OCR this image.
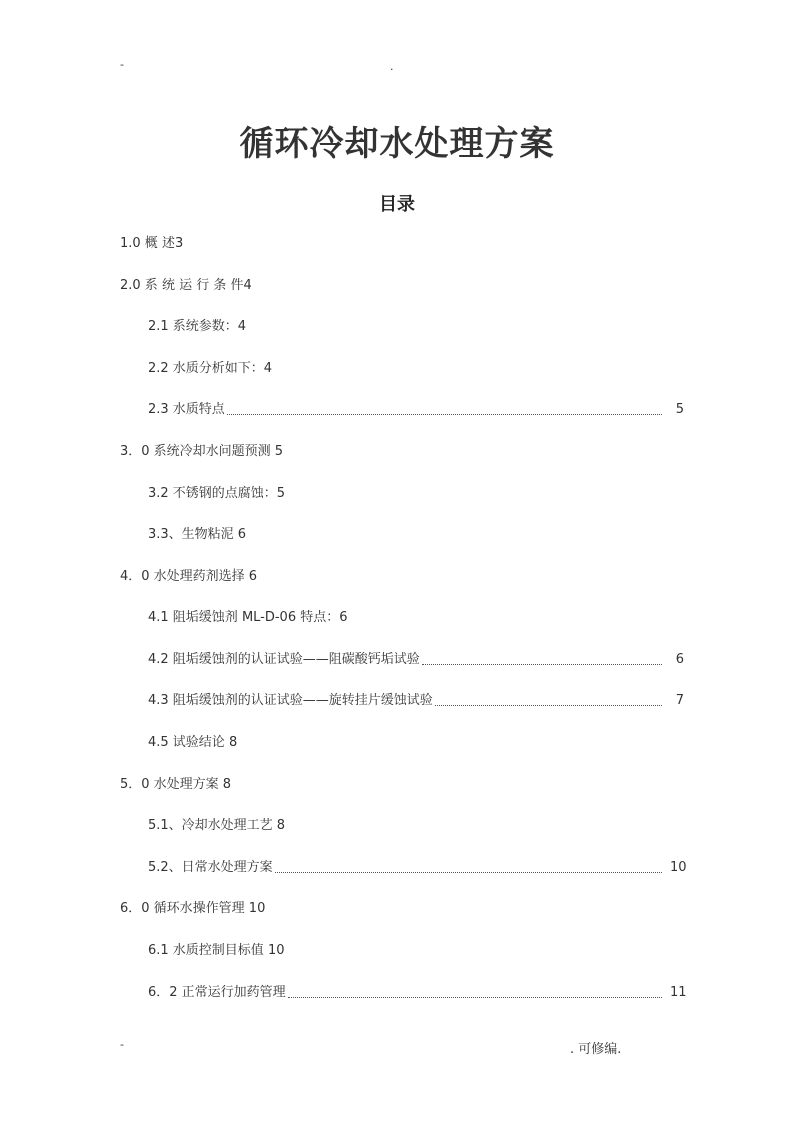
-	.
循环冷却水处理方案
目录
1.0 概 述3
2.0 系 统 运 行 条 件4
2.1 系统参数：4
2.2 水质分析如下：4
2.3 水质特点	5
3．0 系统冷却水问题预测 5
3.2 不锈钢的点腐蚀：5
3.3、生物粘泥 6
4．0 水处理药剂选择 6
4.1 阻垢缓蚀剂 ML-D-06 特点：6
4.2 阻垢缓蚀剂的认证试验——阻碳酸钙垢试验	6
4.3 阻垢缓蚀剂的认证试验——旋转挂片缓蚀试验	7
4.5 试验结论 8
5．0 水处理方案 8
5.1、冷却水处理工艺 8
5.2、日常水处理方案	10
6．0 循环水操作管理 10
6.1 水质控制目标值 10
6．2 正常运行加药管理	11
-	. 可修编.
